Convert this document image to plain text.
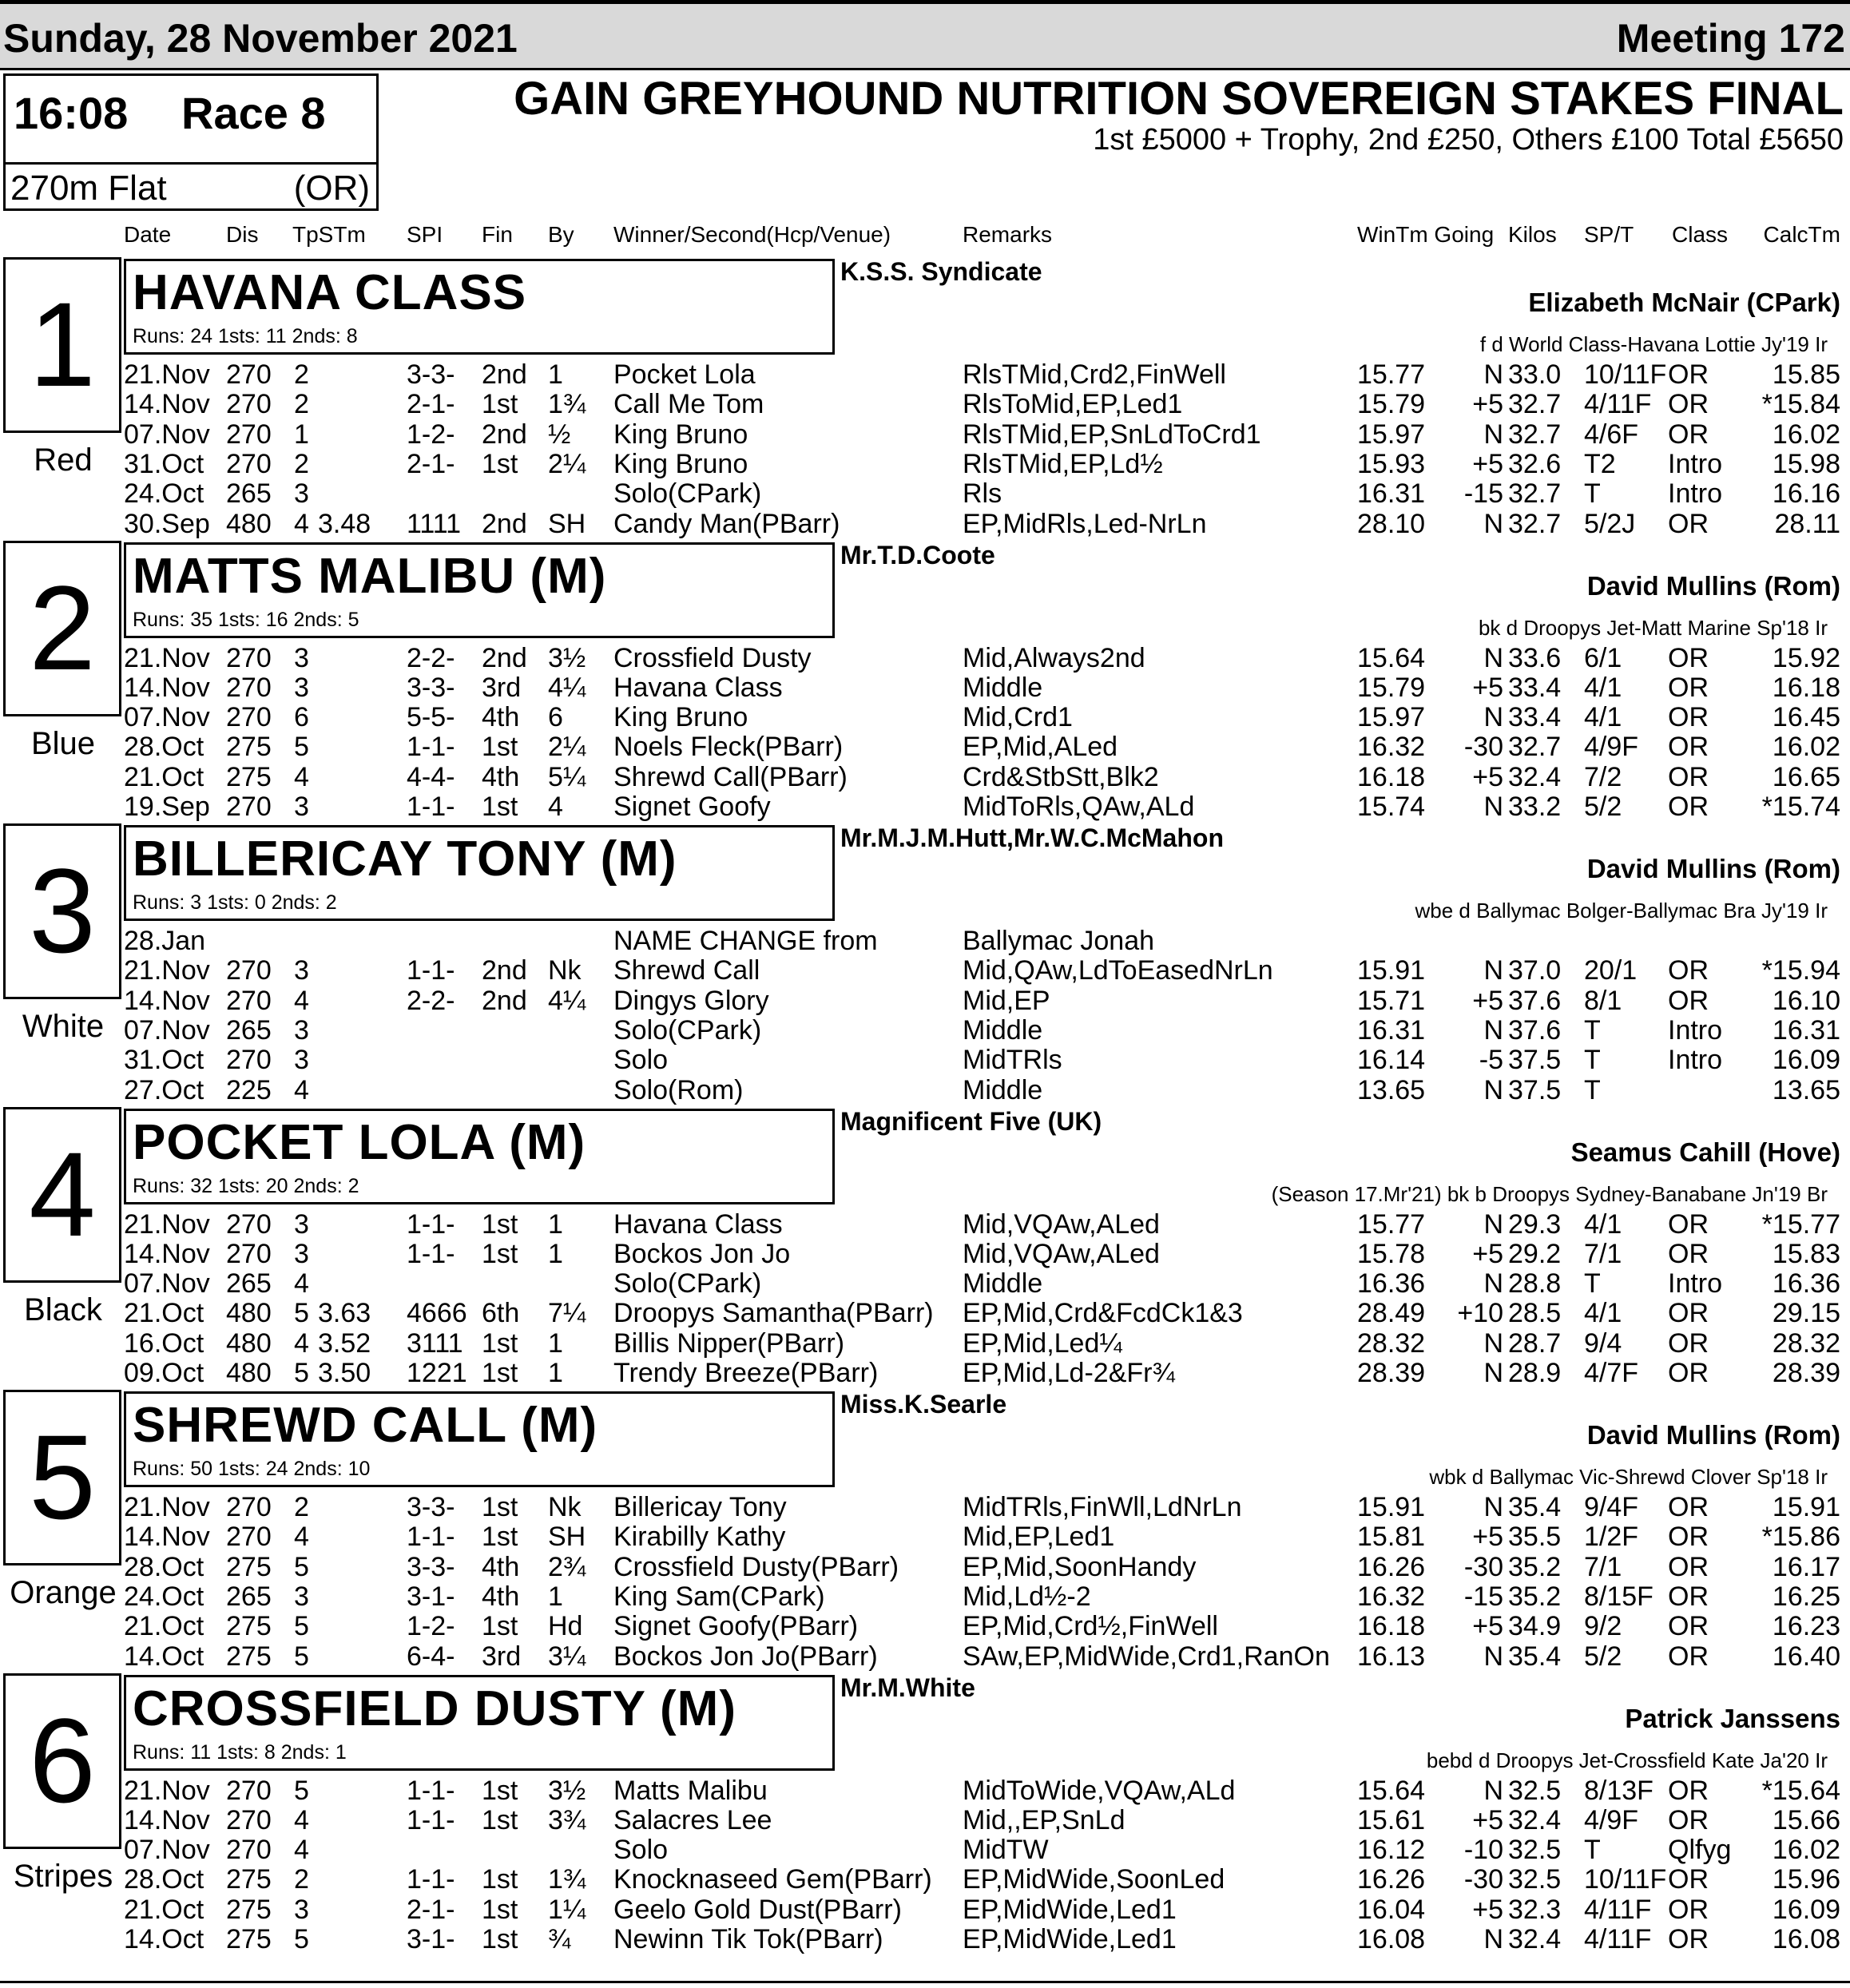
Sunday, 28 November 2021	Meeting 172
16:08 Race 8
270m Flat	(OR)
GAIN GREYHOUND NUTRITION SOVEREIGN STAKES FINAL
1st £5000 + Trophy, 2nd £250, Others £100 Total £5650
Date Dis TpSTm SPI Fin By Winner/Second(Hcp/Venue)	Remarks	WinTm Going Kilos SP/T Class CalcTm
1
Red
HAVANA CLASS
Runs: 24 1sts: 11 2nds: 8
K.S.S. Syndicate
Elizabeth McNair (CPark)
f d World Class-Havana Lottie Jy'19 Ir
21.Nov 270 2	3-3- 2nd 1 Pocket Lola	RlsTMid,Crd2,FinWell	15.77 N 33.0 10/11F OR 15.85
14.Nov 270 2	2-1- 1st 1¾ Call Me Tom	RlsToMid,EP,Led1	15.79 +5 32.7 4/11F OR *15.84
07.Nov 270 1	1-2- 2nd ½ King Bruno	RlsTMid,EP,SnLdToCrd1	15.97 N 32.7 4/6F OR 16.02
31.Oct 270 2	2-1- 1st 2¼ King Bruno	RlsTMid,EP,Ld½	15.93 +5 32.6 T2 Intro 15.98
24.Oct 265 3	Solo(CPark)	Rls	16.31 -15 32.7 T Intro 16.16
30.Sep 480 4 3.48 1111 2nd SH Candy Man(PBarr)	EP,MidRls,Led-NrLn	28.10 N 32.7 5/2J OR 28.11
2
Blue
MATTS MALIBU (M)
Runs: 35 1sts: 16 2nds: 5
Mr.T.D.Coote
David Mullins (Rom)
bk d Droopys Jet-Matt Marine Sp'18 Ir
21.Nov 270 3	2-2- 2nd 3½ Crossfield Dusty	Mid,Always2nd	15.64 N 33.6 6/1 OR 15.92
14.Nov 270 3	3-3- 3rd 4¼ Havana Class	Middle	15.79 +5 33.4 4/1 OR 16.18
07.Nov 270 6	5-5- 4th 6 King Bruno	Mid,Crd1	15.97 N 33.4 4/1 OR 16.45
28.Oct 275 5	1-1- 1st 2¼ Noels Fleck(PBarr)	EP,Mid,ALed	16.32 -30 32.7 4/9F OR 16.02
21.Oct 275 4	4-4- 4th 5¼ Shrewd Call(PBarr)	Crd&StbStt,Blk2	16.18 +5 32.4 7/2 OR 16.65
19.Sep 270 3	1-1- 1st 4 Signet Goofy	MidToRls,QAw,ALd	15.74 N 33.2 5/2 OR *15.74
3
White
BILLERICAY TONY (M)
Runs: 3 1sts: 0 2nds: 2
Mr.M.J.M.Hutt,Mr.W.C.McMahon
David Mullins (Rom)
wbe d Ballymac Bolger-Ballymac Bra Jy'19 Ir
28.Jan	NAME CHANGE from	Ballymac Jonah
21.Nov 270 3	1-1- 2nd Nk Shrewd Call	Mid,QAw,LdToEasedNrLn	15.91 N 37.0 20/1 OR *15.94
14.Nov 270 4	2-2- 2nd 4¼ Dingys Glory	Mid,EP	15.71 +5 37.6 8/1 OR 16.10
07.Nov 265 3	Solo(CPark)	Middle	16.31 N 37.6 T Intro 16.31
31.Oct 270 3	Solo	MidTRls	16.14 -5 37.5 T Intro 16.09
27.Oct 225 4	Solo(Rom)	Middle	13.65 N 37.5 T	13.65
4
Black
POCKET LOLA (M)
Runs: 32 1sts: 20 2nds: 2
Magnificent Five (UK)
Seamus Cahill (Hove)
(Season 17.Mr'21) bk b Droopys Sydney-Banabane Jn'19 Br
21.Nov 270 3	1-1- 1st 1 Havana Class	Mid,VQAw,ALed	15.77 N 29.3 4/1 OR *15.77
14.Nov 270 3	1-1- 1st 1 Bockos Jon Jo	Mid,VQAw,ALed	15.78 +5 29.2 7/1 OR 15.83
07.Nov 265 4	Solo(CPark)	Middle	16.36 N 28.8 T Intro 16.36
21.Oct 480 5 3.63 4666 6th 7¼ Droopys Samantha(PBarr) EP,Mid,Crd&FcdCk1&3	28.49 +10 28.5 4/1 OR 29.15
16.Oct 480 4 3.52 3111 1st 1 Billis Nipper(PBarr)	EP,Mid,Led¼	28.32 N 28.7 9/4 OR 28.32
09.Oct 480 5 3.50 1221 1st 1 Trendy Breeze(PBarr)	EP,Mid,Ld-2&Fr¾	28.39 N 28.9 4/7F OR 28.39
5
Orange
SHREWD CALL (M)
Runs: 50 1sts: 24 2nds: 10
Miss.K.Searle
David Mullins (Rom)
wbk d Ballymac Vic-Shrewd Clover Sp'18 Ir
21.Nov 270 2	3-3- 1st Nk Billericay Tony	MidTRls,FinWll,LdNrLn	15.91 N 35.4 9/4F OR 15.91
14.Nov 270 4	1-1- 1st SH Kirabilly Kathy	Mid,EP,Led1	15.81 +5 35.5 1/2F OR *15.86
28.Oct 275 5	3-3- 4th 2¾ Crossfield Dusty(PBarr) EP,Mid,SoonHandy	16.26 -30 35.2 7/1 OR 16.17
24.Oct 265 3	3-1- 4th 1 King Sam(CPark)	Mid,Ld½-2	16.32 -15 35.2 8/15F OR 16.25
21.Oct 275 5	1-2- 1st Hd Signet Goofy(PBarr)	EP,Mid,Crd½,FinWell	16.18 +5 34.9 9/2 OR 16.23
14.Oct 275 5	6-4- 3rd 3¼ Bockos Jon Jo(PBarr)	SAw,EP,MidWide,Crd1,RanOn 16.13 N 35.4 5/2 OR 16.40
6
Stripes
CROSSFIELD DUSTY (M)
Runs: 11 1sts: 8 2nds: 1
Mr.M.White
Patrick Janssens
bebd d Droopys Jet-Crossfield Kate Ja'20 Ir
21.Nov 270 5	1-1- 1st 3½ Matts Malibu	MidToWide,VQAw,ALd	15.64 N 32.5 8/13F OR *15.64
14.Nov 270 4	1-1- 1st 3¾ Salacres Lee	Mid,,EP,SnLd	15.61 +5 32.4 4/9F OR 15.66
07.Nov 270 4	Solo	MidTW	16.12 -10 32.5 T Qlfyg 16.02
28.Oct 275 2	1-1- 1st 1¾ Knocknaseed Gem(PBarr) EP,MidWide,SoonLed	16.26 -30 32.5 10/11F OR 15.96
21.Oct 275 3	2-1- 1st 1¼ Geelo Gold Dust(PBarr) EP,MidWide,Led1	16.04 +5 32.3 4/11F OR 16.09
14.Oct 275 5	3-1- 1st ¾ Newinn Tik Tok(PBarr)	EP,MidWide,Led1	16.08 N 32.4 4/11F OR 16.08
